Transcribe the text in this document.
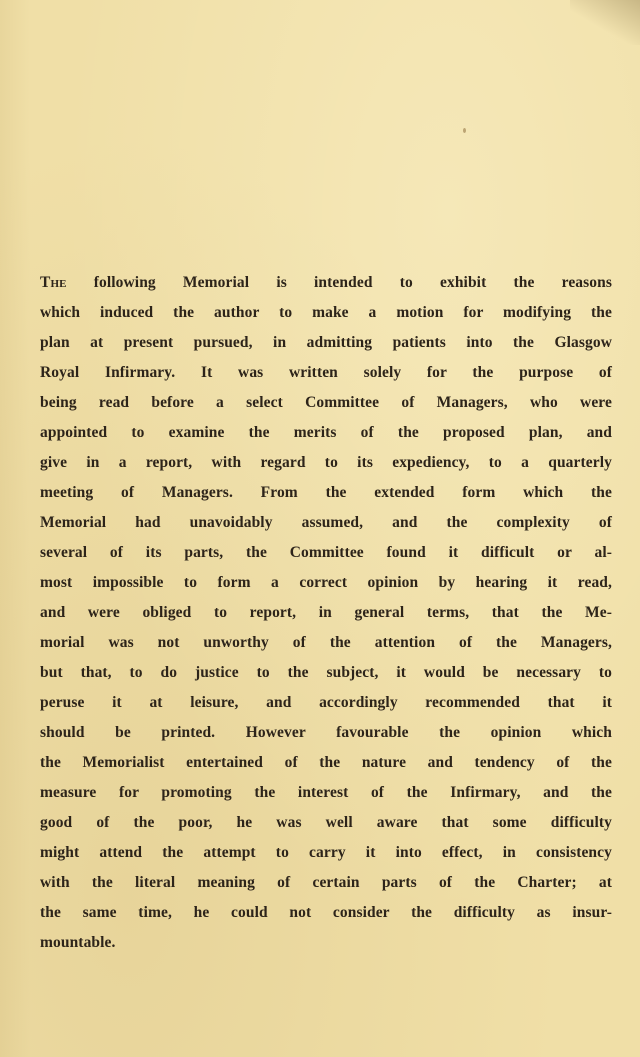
The following Memorial is intended to exhibit the reasons
which induced the author to make a motion for modifying the
plan at present pursued, in admitting patients into the Glasgow
Royal Infirmary. It was written solely for the purpose of
being read before a select Committee of Managers, who were
appointed to examine the merits of the proposed plan, and
give in a report, with regard to its expediency, to a quarterly
meeting of Managers. From the extended form which the
Memorial had unavoidably assumed, and the complexity of
several of its parts, the Committee found it difficult or al-
most impossible to form a correct opinion by hearing it read,
and were obliged to report, in general terms, that the Me-
morial was not unworthy of the attention of the Managers,
but that, to do justice to the subject, it would be necessary to
peruse it at leisure, and accordingly recommended that it
should be printed. However favourable the opinion which
the Memorialist entertained of the nature and tendency of the
measure for promoting the interest of the Infirmary, and the
good of the poor, he was well aware that some difficulty
might attend the attempt to carry it into effect, in consistency
with the literal meaning of certain parts of the Charter; at
the same time, he could not consider the difficulty as insur-
mountable.
